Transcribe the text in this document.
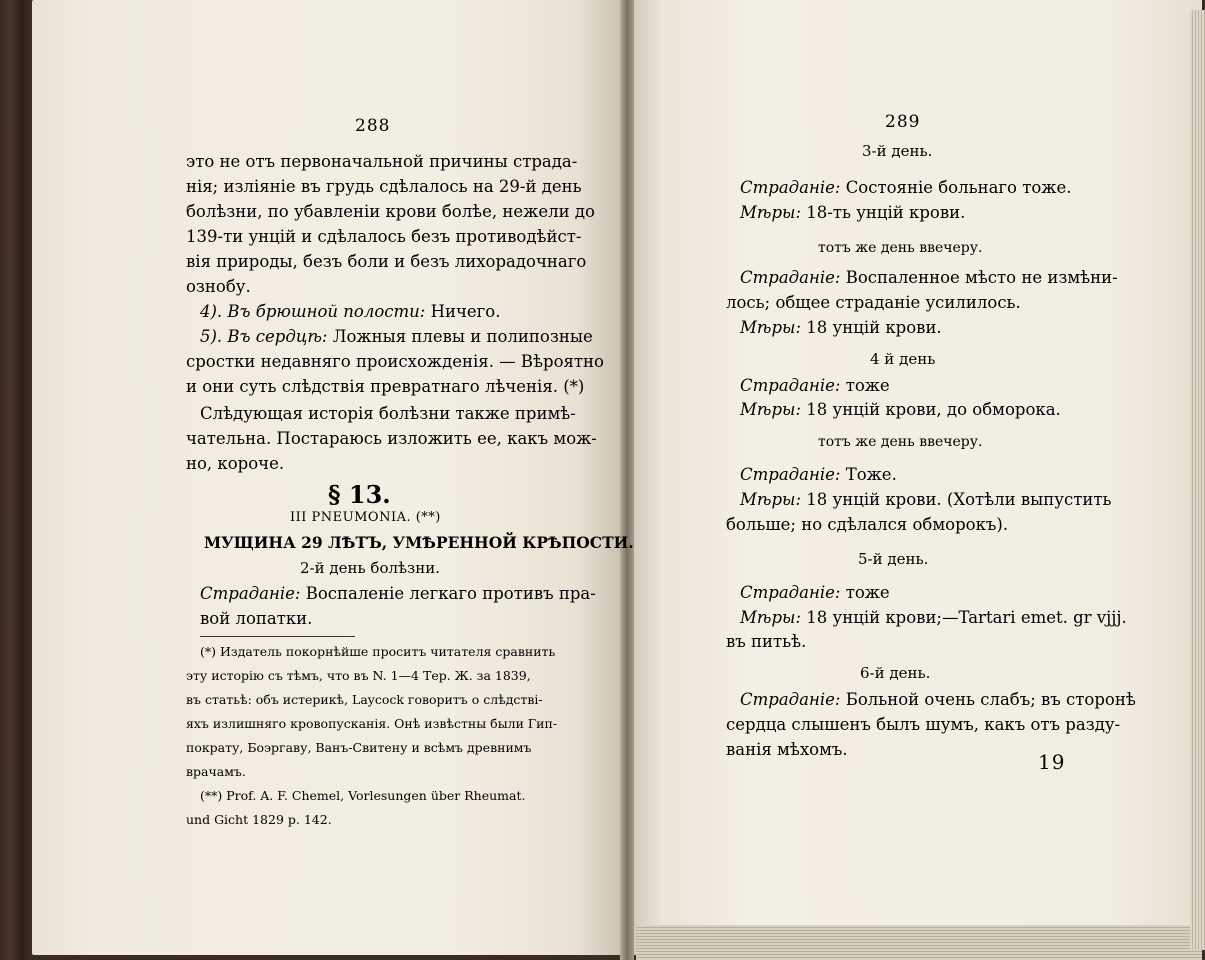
288
это не отъ первоначальной причины страда-
нія; изліяніе въ грудь сдѣлалось на 29-й день
болѣзни, по убавленіи крови болѣе, нежели до
139-ти унцій и сдѣлалось безъ противодѣйст-
вія природы, безъ боли и безъ лихорадочнаго
ознобу.
4). Въ брюшной полости: Ничего.
5). Въ сердцѣ: Ложныя плевы и полипозные
сростки недавняго происхожденія. — Вѣроятно
и они суть слѣдствія превратнаго лѣченія. (*)
Слѣдующая исторія болѣзни также примѣ-
чательна. Постараюсь изложить ее, какъ мож-
но, короче.
§ 13.
III PNEUMONIA. (**)
МУЩИНА 29 ЛѢТЪ, УМѢРЕННОЙ КРѢПОСТИ.
2-й день болѣзни.
Страданіе: Воспаленіе легкаго противъ пра-
вой лопатки.
(*) Издатель покорнѣйше проситъ читателя сравнить
эту исторію съ тѣмъ, что въ N. 1—4 Тер. Ж. за 1839,
въ статьѣ: объ истерикѣ, Laycock говоритъ о слѣдствi-
яхъ излишняго кровопусканія. Онѣ извѣстны были Гип-
пократу, Бoэргаву, Ванъ-Свитену и всѣмъ древнимъ
врачамъ.
(**) Prof. A. F. Chemel, Vorlesungen über Rheumat.
und Gicht 1829 p. 142.
289
3-й день.
Страданіе: Состояніе больнаго тоже.
Мѣры: 18-ть унцій крови.
тотъ же день ввечеру.
Страданіе: Воспаленное мѣсто не измѣни-
лось; общее страданіе усилилось.
Мѣры: 18 унцій крови.
4 й день
Страданіе: тоже
Мѣры: 18 унцій крови, до обморока.
тотъ же день ввечеру.
Страданіе: Тоже.
Мѣры: 18 унцій крови. (Хотѣли выпустить
больше; но сдѣлался обморокъ).
5-й день.
Страданіе: тоже
Мѣры: 18 унцій крови;—Tartari emet. gr vjjj.
въ питьѣ.
6-й день.
Страданіе: Больной очень слабъ; въ сторонѣ
сердца слышенъ былъ шумъ, какъ отъ разду-
ванія мѣхомъ.
19
